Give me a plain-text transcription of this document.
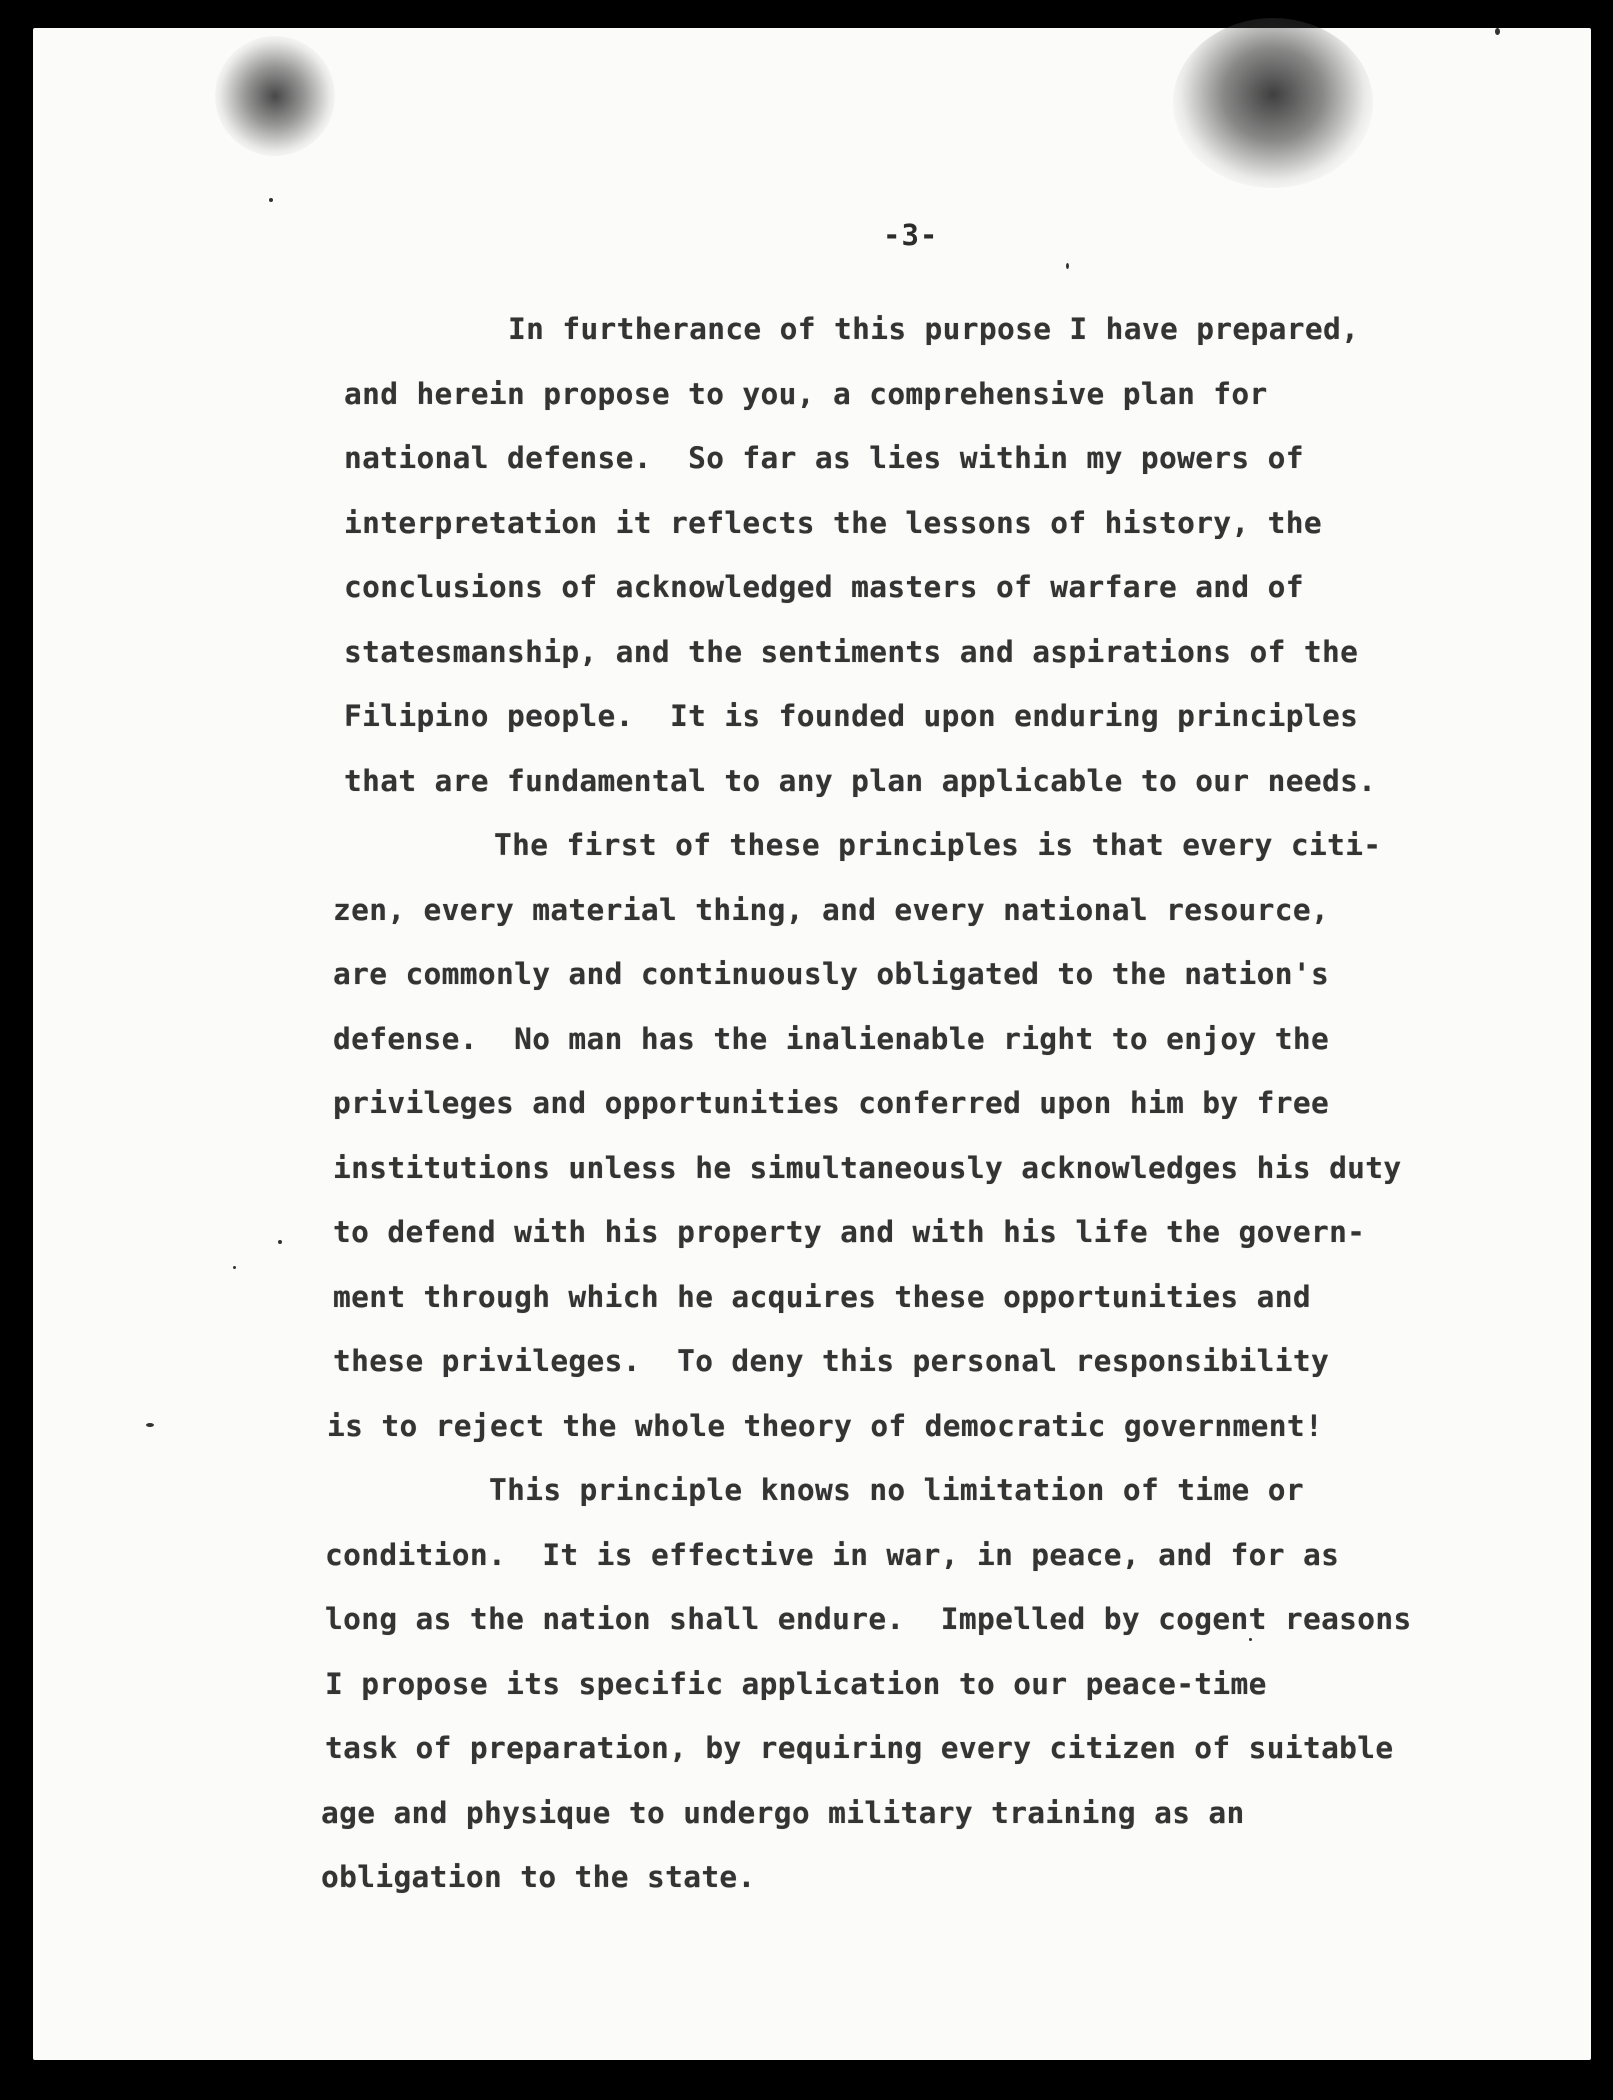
-3-
In furtherance of this purpose I have prepared,
and herein propose to you, a comprehensive plan for
national defense.  So far as lies within my powers of
interpretation it reflects the lessons of history, the
conclusions of acknowledged masters of warfare and of
statesmanship, and the sentiments and aspirations of the
Filipino people.  It is founded upon enduring principles
that are fundamental to any plan applicable to our needs.
The first of these principles is that every citi-
zen, every material thing, and every national resource,
are commonly and continuously obligated to the nation's
defense.  No man has the inalienable right to enjoy the
privileges and opportunities conferred upon him by free
institutions unless he simultaneously acknowledges his duty
to defend with his property and with his life the govern-
ment through which he acquires these opportunities and
these privileges.  To deny this personal responsibility
is to reject the whole theory of democratic government!
This principle knows no limitation of time or
condition.  It is effective in war, in peace, and for as
long as the nation shall endure.  Impelled by cogent reasons
I propose its specific application to our peace-time
task of preparation, by requiring every citizen of suitable
age and physique to undergo military training as an
obligation to the state.
